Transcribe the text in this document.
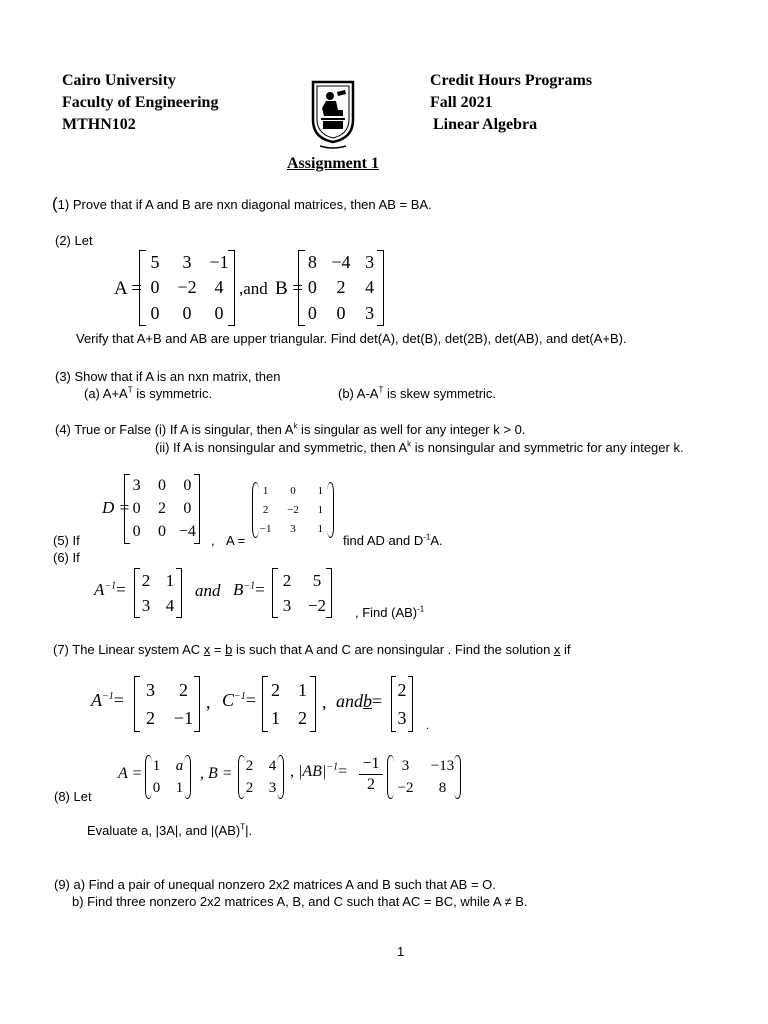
Cairo University
Faculty of Engineering
MTHN102
Credit Hours Programs
Fall 2021
Linear Algebra
Assignment 1
(1) Prove that if A and B are nxn diagonal matrices, then AB = BA.
(2) Let
A =
5	3 −1
0 −2 4
0	0	0
,and B =
8 −4 3
0	2	4
0	0	3
Verify that A+B and AB are upper triangular. Find det(A), det(B), det(2B), det(AB), and det(A+B).
(3) Show that if A is an nxn matrix, then
(a) $A+A^T$ is symmetric.	(b) $A-A^T$ is skew symmetric.
(4) True or False (i) If A is singular, then $A^k$ is singular as well for any integer k > 0.
(ii) If A is nonsingular and symmetric, then $A^k$ is nonsingular and symmetric for any integer k.
D =
3	0	0
0	2	0
0	0 −4
(5) If	, A =
1	0	1
2	−2	1
−1	3	1
find AD and $D^{-1}A$.
(6) If
$A^{-1}= 2$ 1
3 4
and $B^{-1}=$	2	5
3 −2	, Find (AB)$^{-1}$
(7) The Linear system AC x = b is such that A and C are nonsingular . Find the solution x if
$A^{-1}=$
3	2
2	−1
, $C^{-1}=$
2	1
1	2
, andb=
2
3	.
A = 1	a
0	1
, B = 2	4
2	3
, $|AB|^{-1}= \frac{-1}{2}$	3	−13
−2	8
(8) Let
Evaluate a, |3A|, and |(AB)$^T$|.
(9) a) Find a pair of unequal nonzero 2x2 matrices A and B such that AB = O.
b) Find three nonzero 2x2 matrices A, B, and C such that AC = BC, while A ≠ B.
1
